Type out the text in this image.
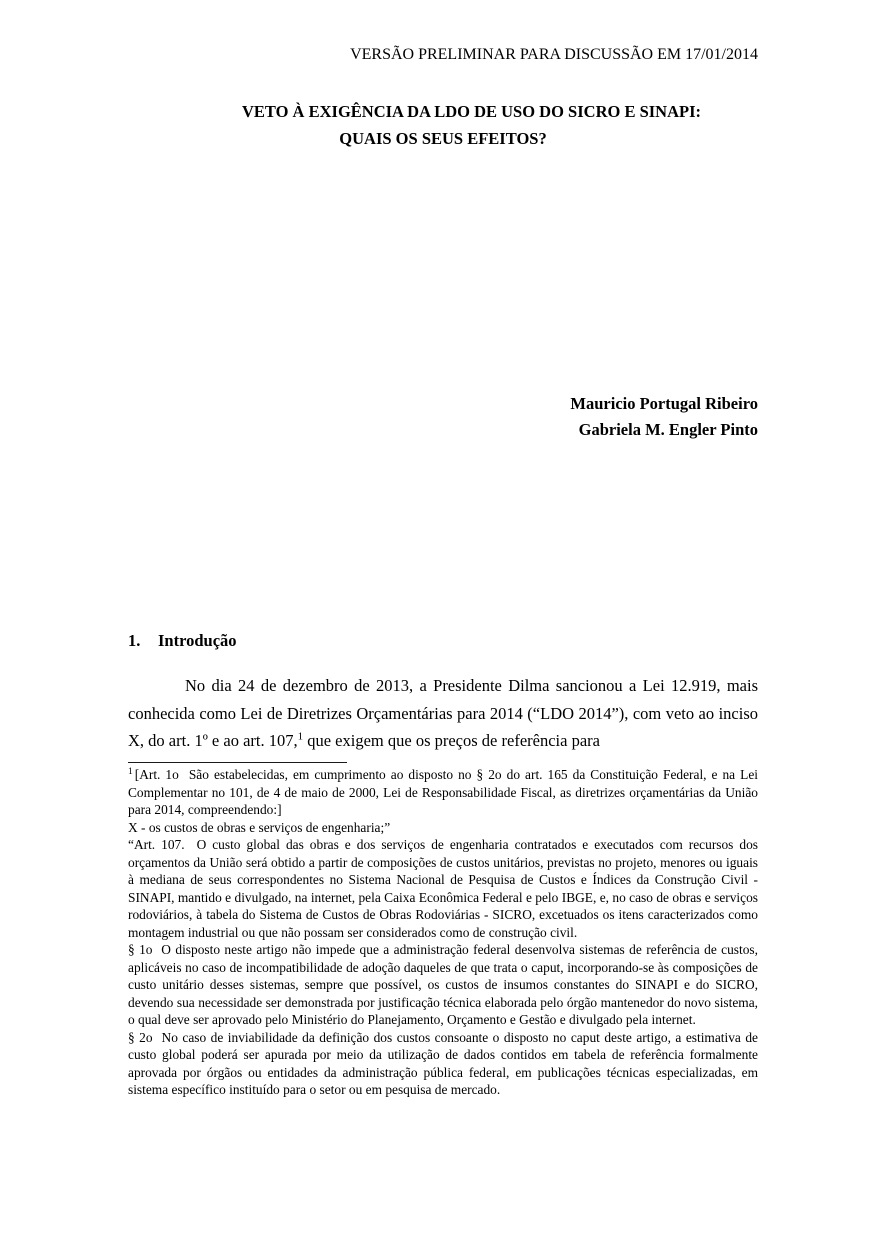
VERSÃO PRELIMINAR PARA DISCUSSÃO EM 17/01/2014
VETO À EXIGÊNCIA DA LDO DE USO DO SICRO E SINAPI:
QUAIS OS SEUS EFEITOS?
Mauricio Portugal Ribeiro
Gabriela M. Engler Pinto
1. Introdução

No dia 24 de dezembro de 2013, a Presidente Dilma sancionou a Lei 12.919, mais conhecida como Lei de Diretrizes Orçamentárias para 2014 (“LDO 2014”), com veto ao inciso X, do art. 1º e ao art. 107,$^1$ que exigem que os preços de referência para

$^1$ [Art. 1o  São estabelecidas, em cumprimento ao disposto no § 2o do art. 165 da Constituição Federal, e na Lei Complementar no 101, de 4 de maio de 2000, Lei de Responsabilidade Fiscal, as diretrizes orçamentárias da União para 2014, compreendendo:]

X - os custos de obras e serviços de engenharia;”

“Art. 107.  O custo global das obras e dos serviços de engenharia contratados e executados com recursos dos orçamentos da União será obtido a partir de composições de custos unitários, previstas no projeto, menores ou iguais à mediana de seus correspondentes no Sistema Nacional de Pesquisa de Custos e Índices da Construção Civil - SINAPI, mantido e divulgado, na internet, pela Caixa Econômica Federal e pelo IBGE, e, no caso de obras e serviços rodoviários, à tabela do Sistema de Custos de Obras Rodoviárias - SICRO, excetuados os itens caracterizados como montagem industrial ou que não possam ser considerados como de construção civil.

§ 1o  O disposto neste artigo não impede que a administração federal desenvolva sistemas de referência de custos, aplicáveis no caso de incompatibilidade de adoção daqueles de que trata o caput, incorporando-se às composições de custo unitário desses sistemas, sempre que possível, os custos de insumos constantes do SINAPI e do SICRO, devendo sua necessidade ser demonstrada por justificação técnica elaborada pelo órgão mantenedor do novo sistema, o qual deve ser aprovado pelo Ministério do Planejamento, Orçamento e Gestão e divulgado pela internet.

§ 2o  No caso de inviabilidade da definição dos custos consoante o disposto no caput deste artigo, a estimativa de custo global poderá ser apurada por meio da utilização de dados contidos em tabela de referência formalmente aprovada por órgãos ou entidades da administração pública federal, em publicações técnicas especializadas, em sistema específico instituído para o setor ou em pesquisa de mercado.
